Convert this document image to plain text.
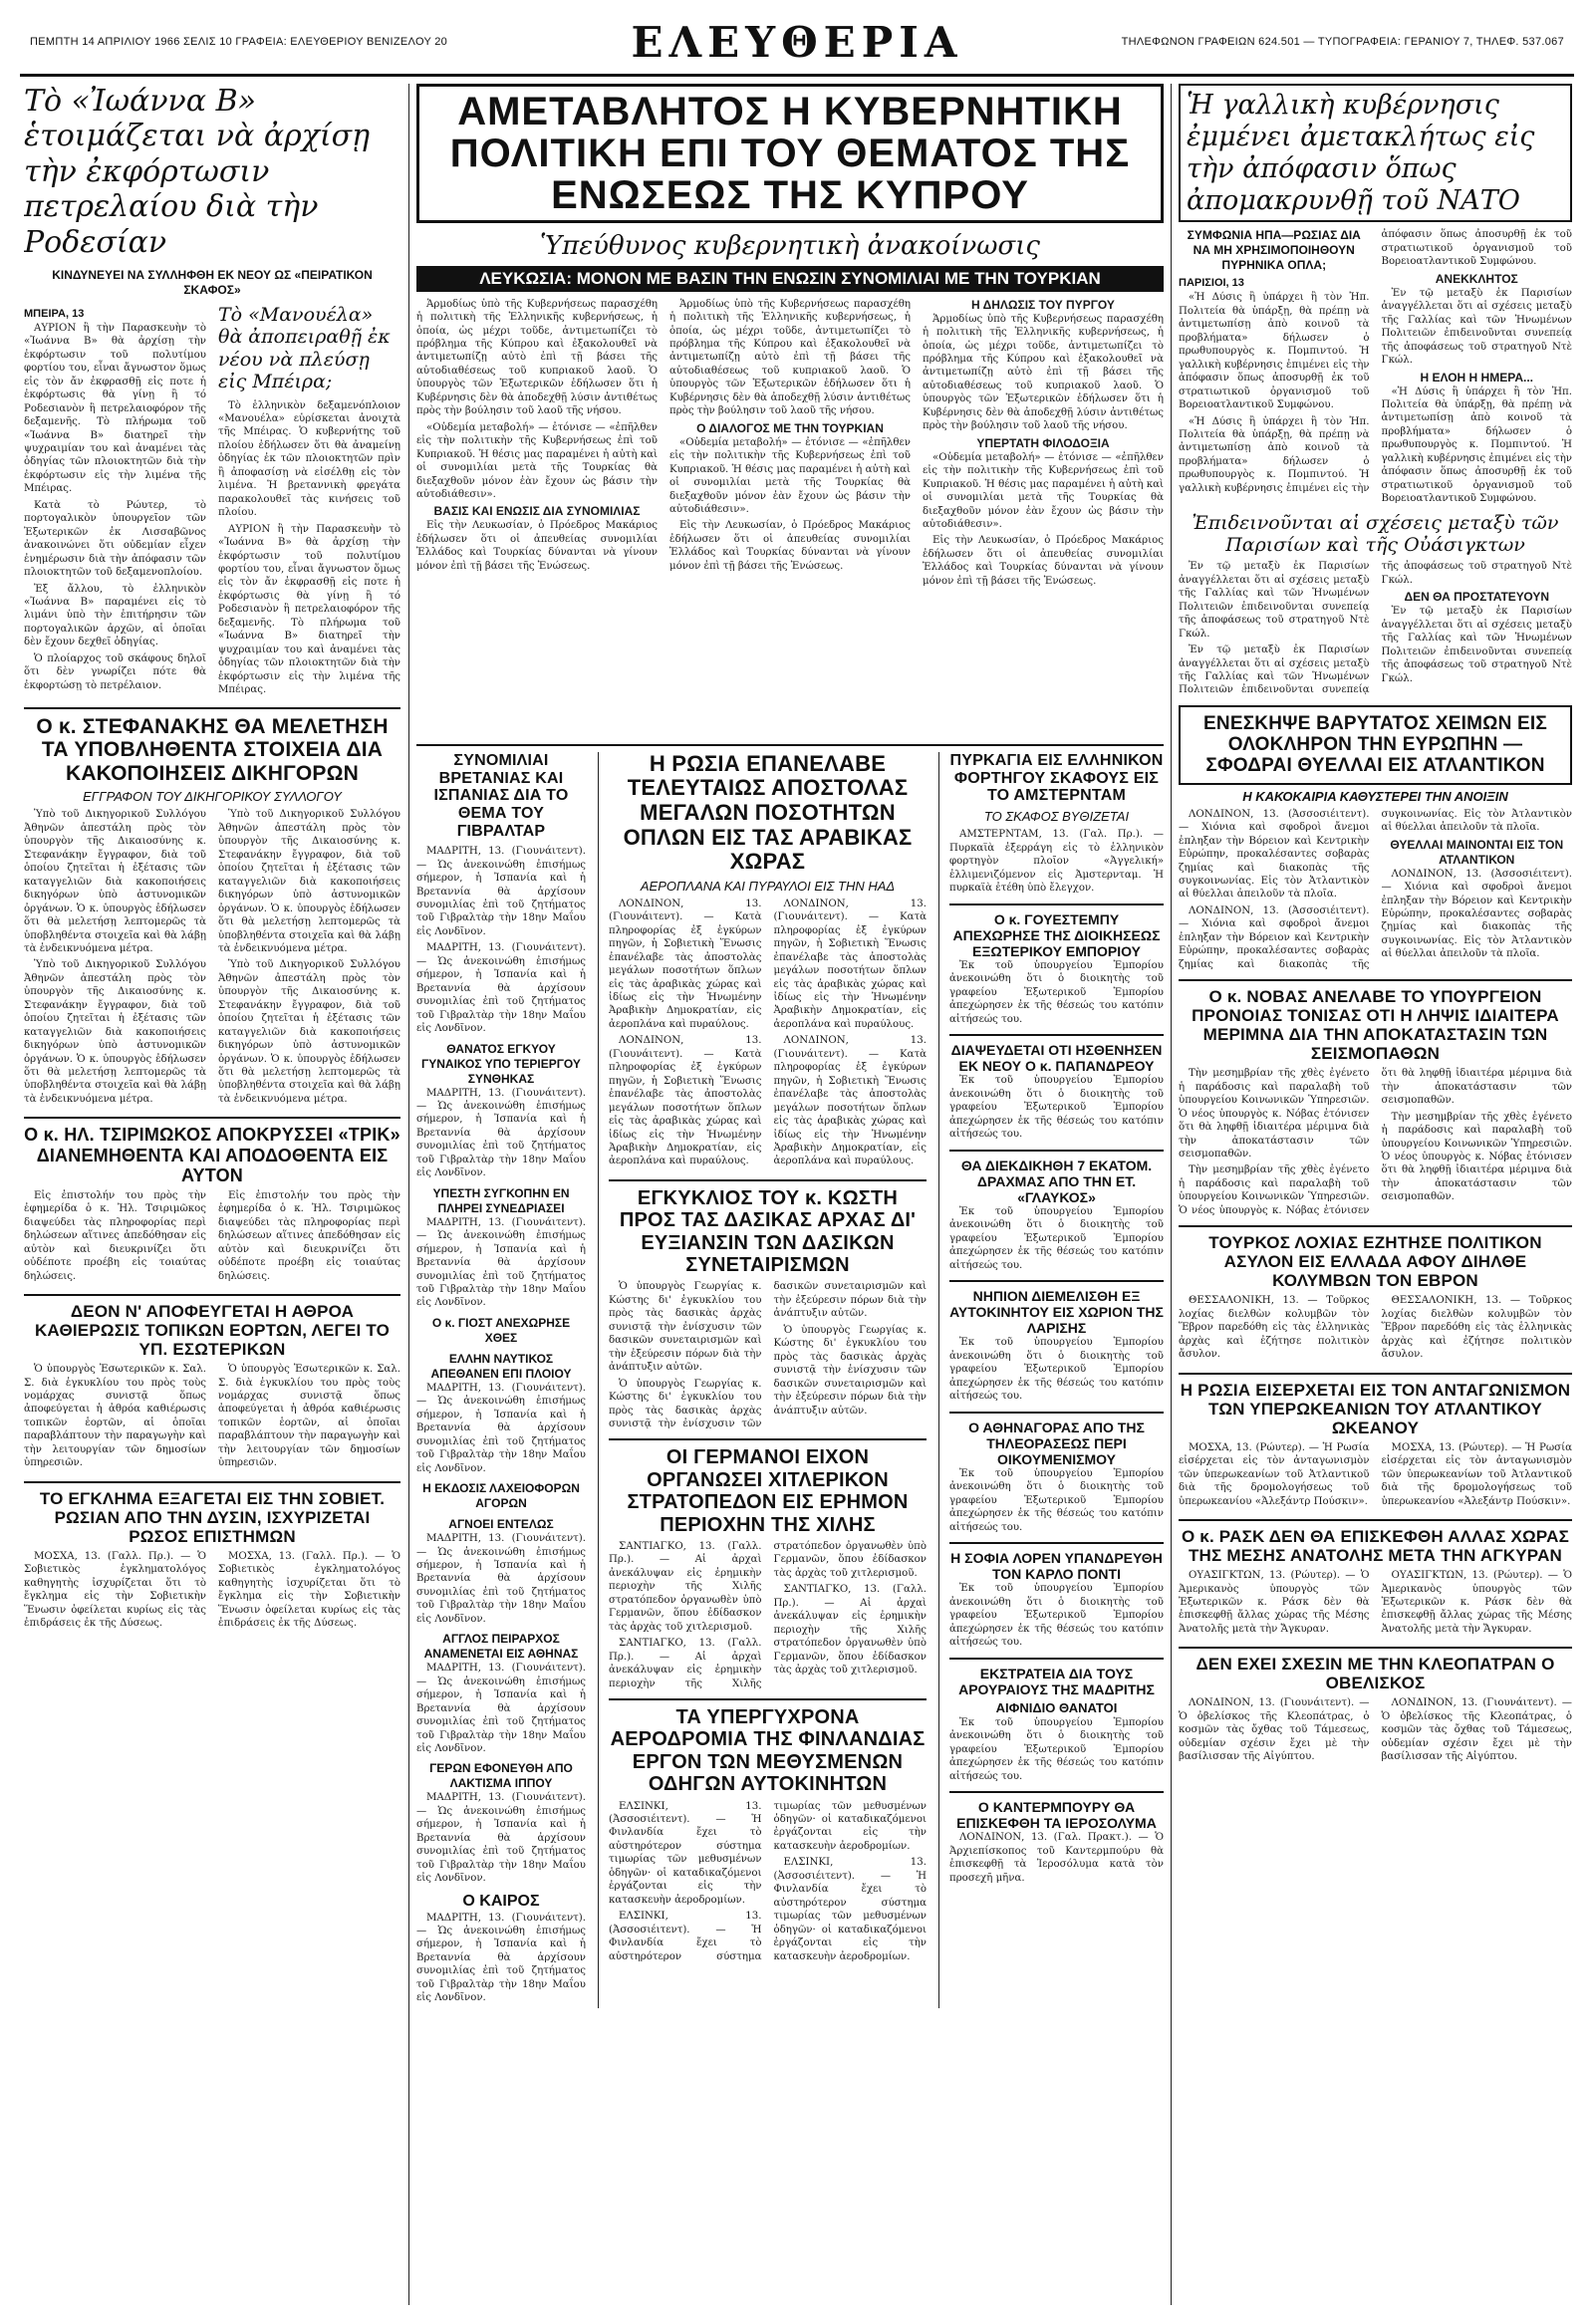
ΠΕΜΠΤΗ 14 ΑΠΡΙΛΙΟΥ 1966 ΣΕΛΙΣ 10 ΓΡΑΦΕΙΑ: ΕΛΕΥΘΕΡΙΟΥ ΒΕΝΙΖΕΛΟΥ 20	ΕΛΕΥΘΕΡΙΑ	ΤΗΛΕΦΩΝΟΝ ΓΡΑΦΕΙΩΝ 624.501 — ΤΥΠΟΓΡΑΦΕΙΑ: ΓΕΡΑΝΙΟΥ 7, ΤΗΛΕΦ. 537.067
Τὸ «Ἰωάννα Β» ἑτοιμάζεται νὰ ἀρχίσῃ τὴν ἐκφόρτωσιν πετρελαίου διὰ τὴν Ροδεσίαν
ΚΙΝΔΥΝΕΥΕΙ ΝΑ ΣΥΛΛΗΦΘΗ ΕΚ ΝΕΟΥ ΩΣ «ΠΕΙΡΑΤΙΚΟΝ ΣΚΑΦΟΣ»
ΜΠΕΙΡΑ, 13

ΑΥΡΙΟΝ ἢ τὴν Παρασκευὴν τὸ «Ἰωάννα Β» θὰ ἀρχίσῃ τὴν ἐκφόρτωσιν τοῦ πολυτίμου φορτίου του, εἶναι ἄγνωστον ὅμως εἰς τὸν ἄν ἐκφρασθῇ εἰς ποτε ἡ ἐκφόρτωσις θὰ γίνῃ ἢ τό Ροδεσιανὸν ἢ πετρελαιοφόρον τῆς δεξαμενῆς. Τὸ πλήρωμα τοῦ «Ἰωάννα Β» διατηρεῖ τὴν ψυχραιμίαν του καὶ ἀναμένει τὰς ὁδηγίας τῶν πλοιοκτητῶν διὰ τὴν ἐκφόρτωσιν εἰς τὴν λιμένα τῆς Μπέιρας.

Κατὰ τὸ Ρώυτερ, τὸ πορτογαλικὸν ὑπουργεῖον τῶν Ἐξωτερικῶν ἐκ Λισσαβῶνος ἀνακοινώνει ὅτι οὐδεμίαν εἶχεν ἐνημέρωσιν διὰ τὴν ἀπόφασιν τῶν πλοιοκτητῶν τοῦ δεξαμενοπλοίου.

Ἐξ ἄλλου, τὸ ἑλληνικὸν «Ἰωάννα Β» παραμένει εἰς τὸ λιμάνι ὑπὸ τὴν ἐπιτήρησιν τῶν πορτογαλικῶν ἀρχῶν, αἱ ὁποῖαι δὲν ἔχουν δεχθεῖ ὁδηγίας.

Ὁ πλοίαρχος τοῦ σκάφους δηλοῖ ὅτι δὲν γνωρίζει πότε θὰ ἐκφορτώσῃ τὸ πετρέλαιον.

Τὸ «Μανουέλα» θὰ ἀποπειραθῇ ἐκ νέου νὰ πλεύσῃ εἰς Μπέιρα;

Τὸ ἑλληνικὸν δεξαμενόπλοιον «Μανουέλα» εὑρίσκεται ἀνοιχτὰ τῆς Μπέιρας. Ὁ κυβερνήτης τοῦ πλοίου ἐδήλωσεν ὅτι θὰ ἀναμείνῃ ὁδηγίας ἐκ τῶν πλοιοκτητῶν πρὶν ἢ ἀποφασίσῃ νὰ εἰσέλθῃ εἰς τὸν λιμένα. Ἡ βρεταννικὴ φρεγάτα παρακολουθεῖ τὰς κινήσεις τοῦ πλοίου.

ΑΥΡΙΟΝ ἢ τὴν Παρασκευὴν τὸ «Ἰωάννα Β» θὰ ἀρχίσῃ τὴν ἐκφόρτωσιν τοῦ πολυτίμου φορτίου του, εἶναι ἄγνωστον ὅμως εἰς τὸν ἄν ἐκφρασθῇ εἰς ποτε ἡ ἐκφόρτωσις θὰ γίνῃ ἢ τό Ροδεσιανὸν ἢ πετρελαιοφόρον τῆς δεξαμενῆς. Τὸ πλήρωμα τοῦ «Ἰωάννα Β» διατηρεῖ τὴν ψυχραιμίαν του καὶ ἀναμένει τὰς ὁδηγίας τῶν πλοιοκτητῶν διὰ τὴν ἐκφόρτωσιν εἰς τὴν λιμένα τῆς Μπέιρας.

Ο κ. ΣΤΕΦΑΝΑΚΗΣ ΘΑ ΜΕΛΕΤΗΣΗ ΤΑ ΥΠΟΒΛΗΘΕΝΤΑ ΣΤΟΙΧΕΙΑ ΔΙΑ ΚΑΚΟΠΟΙΗΣΕΙΣ ΔΙΚΗΓΟΡΩΝ
ΕΓΓΡΑΦΟΝ ΤΟΥ ΔΙΚΗΓΟΡΙΚΟΥ ΣΥΛΛΟΓΟΥ

Ὑπὸ τοῦ Δικηγορικοῦ Συλλόγου Ἀθηνῶν ἀπεστάλη πρὸς τὸν ὑπουργὸν τῆς Δικαιοσύνης κ. Στεφανάκην ἔγγραφον, διὰ τοῦ ὁποίου ζητεῖται ἡ ἐξέτασις τῶν καταγγελιῶν διὰ κακοποιήσεις δικηγόρων ὑπὸ ἀστυνομικῶν ὀργάνων. Ὁ κ. ὑπουργὸς ἐδήλωσεν ὅτι θὰ μελετήσῃ λεπτομερῶς τὰ ὑποβληθέντα στοιχεῖα καὶ θὰ λάβῃ τὰ ἐνδεικνυόμενα μέτρα.

Ὑπὸ τοῦ Δικηγορικοῦ Συλλόγου Ἀθηνῶν ἀπεστάλη πρὸς τὸν ὑπουργὸν τῆς Δικαιοσύνης κ. Στεφανάκην ἔγγραφον, διὰ τοῦ ὁποίου ζητεῖται ἡ ἐξέτασις τῶν καταγγελιῶν διὰ κακοποιήσεις δικηγόρων ὑπὸ ἀστυνομικῶν ὀργάνων. Ὁ κ. ὑπουργὸς ἐδήλωσεν ὅτι θὰ μελετήσῃ λεπτομερῶς τὰ ὑποβληθέντα στοιχεῖα καὶ θὰ λάβῃ τὰ ἐνδεικνυόμενα μέτρα.

Ὑπὸ τοῦ Δικηγορικοῦ Συλλόγου Ἀθηνῶν ἀπεστάλη πρὸς τὸν ὑπουργὸν τῆς Δικαιοσύνης κ. Στεφανάκην ἔγγραφον, διὰ τοῦ ὁποίου ζητεῖται ἡ ἐξέτασις τῶν καταγγελιῶν διὰ κακοποιήσεις δικηγόρων ὑπὸ ἀστυνομικῶν ὀργάνων. Ὁ κ. ὑπουργὸς ἐδήλωσεν ὅτι θὰ μελετήσῃ λεπτομερῶς τὰ ὑποβληθέντα στοιχεῖα καὶ θὰ λάβῃ τὰ ἐνδεικνυόμενα μέτρα.

Ὑπὸ τοῦ Δικηγορικοῦ Συλλόγου Ἀθηνῶν ἀπεστάλη πρὸς τὸν ὑπουργὸν τῆς Δικαιοσύνης κ. Στεφανάκην ἔγγραφον, διὰ τοῦ ὁποίου ζητεῖται ἡ ἐξέτασις τῶν καταγγελιῶν διὰ κακοποιήσεις δικηγόρων ὑπὸ ἀστυνομικῶν ὀργάνων. Ὁ κ. ὑπουργὸς ἐδήλωσεν ὅτι θὰ μελετήσῃ λεπτομερῶς τὰ ὑποβληθέντα στοιχεῖα καὶ θὰ λάβῃ τὰ ἐνδεικνυόμενα μέτρα.

Ο κ. ΗΛ. ΤΣΙΡΙΜΩΚΟΣ ΑΠΟΚΡΥΣΣΕΙ «ΤΡΙΚ» ΔΙΑΝΕΜΗΘΕΝΤΑ ΚΑΙ ΑΠΟΔΟΘΕΝΤΑ ΕΙΣ ΑΥΤΟΝ

Εἰς ἐπιστολήν του πρὸς τὴν ἐφημερίδα ὁ κ. Ἠλ. Τσιριμῶκος διαψεύδει τὰς πληροφορίας περὶ δηλώσεων αἵτινες ἀπεδόθησαν εἰς αὐτὸν καὶ διευκρινίζει ὅτι οὐδέποτε προέβη εἰς τοιαύτας δηλώσεις.

Εἰς ἐπιστολήν του πρὸς τὴν ἐφημερίδα ὁ κ. Ἠλ. Τσιριμῶκος διαψεύδει τὰς πληροφορίας περὶ δηλώσεων αἵτινες ἀπεδόθησαν εἰς αὐτὸν καὶ διευκρινίζει ὅτι οὐδέποτε προέβη εἰς τοιαύτας δηλώσεις.

ΔΕΟΝ Ν' ΑΠΟΦΕΥΓΕΤΑΙ Η ΑΘΡΟΑ ΚΑΘΙΕΡΩΣΙΣ ΤΟΠΙΚΩΝ ΕΟΡΤΩΝ, ΛΕΓΕΙ ΤΟ ΥΠ. ΕΣΩΤΕΡΙΚΩΝ

Ὁ ὑπουργὸς Ἐσωτερικῶν κ. Σαλ. Σ. διὰ ἐγκυκλίου του πρὸς τοὺς νομάρχας συνιστᾷ ὅπως ἀποφεύγεται ἡ ἀθρόα καθιέρωσις τοπικῶν ἑορτῶν, αἱ ὁποῖαι παραβλάπτουν τὴν παραγωγὴν καὶ τὴν λειτουργίαν τῶν δημοσίων ὑπηρεσιῶν.

Ὁ ὑπουργὸς Ἐσωτερικῶν κ. Σαλ. Σ. διὰ ἐγκυκλίου του πρὸς τοὺς νομάρχας συνιστᾷ ὅπως ἀποφεύγεται ἡ ἀθρόα καθιέρωσις τοπικῶν ἑορτῶν, αἱ ὁποῖαι παραβλάπτουν τὴν παραγωγὴν καὶ τὴν λειτουργίαν τῶν δημοσίων ὑπηρεσιῶν.

ΤΟ ΕΓΚΛΗΜΑ ΕΞΑΓΕΤΑΙ ΕΙΣ ΤΗΝ ΣΟΒΙΕΤ. ΡΩΣΙΑΝ ΑΠΟ ΤΗΝ ΔΥΣΙΝ, ΙΣΧΥΡΙΖΕΤΑΙ ΡΩΣΟΣ ΕΠΙΣΤΗΜΩΝ

ΜΟΣΧΑ, 13. (Γαλλ. Πρ.). — Ὁ Σοβιετικὸς ἐγκληματολόγος καθηγητὴς ἰσχυρίζεται ὅτι τὸ ἔγκλημα εἰς τὴν Σοβιετικὴν Ἕνωσιν ὀφείλεται κυρίως εἰς τὰς ἐπιδράσεις ἐκ τῆς Δύσεως.

ΜΟΣΧΑ, 13. (Γαλλ. Πρ.). — Ὁ Σοβιετικὸς ἐγκληματολόγος καθηγητὴς ἰσχυρίζεται ὅτι τὸ ἔγκλημα εἰς τὴν Σοβιετικὴν Ἕνωσιν ὀφείλεται κυρίως εἰς τὰς ἐπιδράσεις ἐκ τῆς Δύσεως.

ΑΜΕΤΑΒΛΗΤΟΣ Η ΚΥΒΕΡΝΗΤΙΚΗ ΠΟΛΙΤΙΚΗ ΕΠΙ ΤΟΥ ΘΕΜΑΤΟΣ ΤΗΣ ΕΝΩΣΕΩΣ ΤΗΣ ΚΥΠΡΟΥ
Ὑπεύθυνος κυβερνητικὴ ἀνακοίνωσις
ΛΕΥΚΩΣΙΑ: ΜΟΝΟΝ ΜΕ ΒΑΣΙΝ ΤΗΝ ΕΝΩΣΙΝ ΣΥΝΟΜΙΛΙΑΙ ΜΕ ΤΗΝ ΤΟΥΡΚΙΑΝ

Ἁρμοδίως ὑπὸ τῆς Κυβερνήσεως παρασχέθη ἡ πολιτικὴ τῆς Ἑλληνικῆς κυβερνήσεως, ἡ ὁποία, ὡς μέχρι τοῦδε, ἀντιμετωπίζει τὸ πρόβλημα τῆς Κύπρου καὶ ἐξακολουθεῖ νὰ ἀντιμετωπίζῃ αὐτὸ ἐπὶ τῇ βάσει τῆς αὐτοδιαθέσεως τοῦ κυπριακοῦ λαοῦ. Ὁ ὑπουργὸς τῶν Ἐξωτερικῶν ἐδήλωσεν ὅτι ἡ Κυβέρνησις δὲν θὰ ἀποδεχθῇ λύσιν ἀντιθέτως πρὸς τὴν βούλησιν τοῦ λαοῦ τῆς νήσου.

«Οὐδεμία μεταβολή» — ἐτόνισε — «ἐπῆλθεν εἰς τὴν πολιτικὴν τῆς Κυβερνήσεως ἐπὶ τοῦ Κυπριακοῦ. Ἡ θέσις μας παραμένει ἡ αὐτὴ καὶ οἱ συνομιλίαι μετὰ τῆς Τουρκίας θὰ διεξαχθοῦν μόνον ἐὰν ἔχουν ὡς βάσιν τὴν αὐτοδιάθεσιν».

ΒΑΣΙΣ ΚΑΙ ΕΝΩΣΙΣ ΔΙΑ ΣΥΝΟΜΙΛΙΑΣ

Εἰς τὴν Λευκωσίαν, ὁ Πρόεδρος Μακάριος ἐδήλωσεν ὅτι οἱ ἀπευθείας συνομιλίαι Ἑλλάδος καὶ Τουρκίας δύνανται νὰ γίνουν μόνον ἐπὶ τῇ βάσει τῆς Ἑνώσεως.

Ἁρμοδίως ὑπὸ τῆς Κυβερνήσεως παρασχέθη ἡ πολιτικὴ τῆς Ἑλληνικῆς κυβερνήσεως, ἡ ὁποία, ὡς μέχρι τοῦδε, ἀντιμετωπίζει τὸ πρόβλημα τῆς Κύπρου καὶ ἐξακολουθεῖ νὰ ἀντιμετωπίζῃ αὐτὸ ἐπὶ τῇ βάσει τῆς αὐτοδιαθέσεως τοῦ κυπριακοῦ λαοῦ. Ὁ ὑπουργὸς τῶν Ἐξωτερικῶν ἐδήλωσεν ὅτι ἡ Κυβέρνησις δὲν θὰ ἀποδεχθῇ λύσιν ἀντιθέτως πρὸς τὴν βούλησιν τοῦ λαοῦ τῆς νήσου.

Ο ΔΙΑΛΟΓΟΣ ΜΕ ΤΗΝ ΤΟΥΡΚΙΑΝ

«Οὐδεμία μεταβολή» — ἐτόνισε — «ἐπῆλθεν εἰς τὴν πολιτικὴν τῆς Κυβερνήσεως ἐπὶ τοῦ Κυπριακοῦ. Ἡ θέσις μας παραμένει ἡ αὐτὴ καὶ οἱ συνομιλίαι μετὰ τῆς Τουρκίας θὰ διεξαχθοῦν μόνον ἐὰν ἔχουν ὡς βάσιν τὴν αὐτοδιάθεσιν».

Εἰς τὴν Λευκωσίαν, ὁ Πρόεδρος Μακάριος ἐδήλωσεν ὅτι οἱ ἀπευθείας συνομιλίαι Ἑλλάδος καὶ Τουρκίας δύνανται νὰ γίνουν μόνον ἐπὶ τῇ βάσει τῆς Ἑνώσεως.

Η ΔΗΛΩΣΙΣ ΤΟΥ ΠΥΡΓΟΥ

Ἁρμοδίως ὑπὸ τῆς Κυβερνήσεως παρασχέθη ἡ πολιτικὴ τῆς Ἑλληνικῆς κυβερνήσεως, ἡ ὁποία, ὡς μέχρι τοῦδε, ἀντιμετωπίζει τὸ πρόβλημα τῆς Κύπρου καὶ ἐξακολουθεῖ νὰ ἀντιμετωπίζῃ αὐτὸ ἐπὶ τῇ βάσει τῆς αὐτοδιαθέσεως τοῦ κυπριακοῦ λαοῦ. Ὁ ὑπουργὸς τῶν Ἐξωτερικῶν ἐδήλωσεν ὅτι ἡ Κυβέρνησις δὲν θὰ ἀποδεχθῇ λύσιν ἀντιθέτως πρὸς τὴν βούλησιν τοῦ λαοῦ τῆς νήσου.

ΥΠΕΡΤΑΤΗ ΦΙΛΟΔΟΞΙΑ

«Οὐδεμία μεταβολή» — ἐτόνισε — «ἐπῆλθεν εἰς τὴν πολιτικὴν τῆς Κυβερνήσεως ἐπὶ τοῦ Κυπριακοῦ. Ἡ θέσις μας παραμένει ἡ αὐτὴ καὶ οἱ συνομιλίαι μετὰ τῆς Τουρκίας θὰ διεξαχθοῦν μόνον ἐὰν ἔχουν ὡς βάσιν τὴν αὐτοδιάθεσιν».

Εἰς τὴν Λευκωσίαν, ὁ Πρόεδρος Μακάριος ἐδήλωσεν ὅτι οἱ ἀπευθείας συνομιλίαι Ἑλλάδος καὶ Τουρκίας δύνανται νὰ γίνουν μόνον ἐπὶ τῇ βάσει τῆς Ἑνώσεως.

ΣΥΝΟΜΙΛΙΑΙ ΒΡΕΤΑΝΙΑΣ ΚΑΙ ΙΣΠΑΝΙΑΣ ΔΙΑ ΤΟ ΘΕΜΑ ΤΟΥ ΓΙΒΡΑΛΤΑΡ

ΜΑΔΡΙΤΗ, 13. (Γιουνάιτεντ). — Ὡς ἀνεκοινώθη ἐπισήμως σήμερον, ἡ Ἰσπανία καὶ ἡ Βρεταννία θὰ ἀρχίσουν συνομιλίας ἐπὶ τοῦ ζητήματος τοῦ Γιβραλτὰρ τὴν 18ην Μαΐου εἰς Λονδῖνον.

ΜΑΔΡΙΤΗ, 13. (Γιουνάιτεντ). — Ὡς ἀνεκοινώθη ἐπισήμως σήμερον, ἡ Ἰσπανία καὶ ἡ Βρεταννία θὰ ἀρχίσουν συνομιλίας ἐπὶ τοῦ ζητήματος τοῦ Γιβραλτὰρ τὴν 18ην Μαΐου εἰς Λονδῖνον.

ΘΑΝΑΤΟΣ ΕΓΚΥΟΥ ΓΥΝΑΙΚΟΣ ΥΠΟ ΤΕΡΙΕΡΓΟΥ ΣΥΝΘΗΚΑΣ

ΜΑΔΡΙΤΗ, 13. (Γιουνάιτεντ). — Ὡς ἀνεκοινώθη ἐπισήμως σήμερον, ἡ Ἰσπανία καὶ ἡ Βρεταννία θὰ ἀρχίσουν συνομιλίας ἐπὶ τοῦ ζητήματος τοῦ Γιβραλτὰρ τὴν 18ην Μαΐου εἰς Λονδῖνον.

ΥΠΕΣΤΗ ΣΥΓΚΟΠΗΝ ΕΝ ΠΛΗΡΕΙ ΣΥΝΕΔΡΙΑΣΕΙ

ΜΑΔΡΙΤΗ, 13. (Γιουνάιτεντ). — Ὡς ἀνεκοινώθη ἐπισήμως σήμερον, ἡ Ἰσπανία καὶ ἡ Βρεταννία θὰ ἀρχίσουν συνομιλίας ἐπὶ τοῦ ζητήματος τοῦ Γιβραλτὰρ τὴν 18ην Μαΐου εἰς Λονδῖνον.

Ο κ. ΓΙΟΣΤ ΑΝΕΧΩΡΗΣΕ ΧΘΕΣ
ΕΛΛΗΝ ΝΑΥΤΙΚΟΣ ΑΠΕΘΑΝΕΝ ΕΠΙ ΠΛΟΙΟΥ

ΜΑΔΡΙΤΗ, 13. (Γιουνάιτεντ). — Ὡς ἀνεκοινώθη ἐπισήμως σήμερον, ἡ Ἰσπανία καὶ ἡ Βρεταννία θὰ ἀρχίσουν συνομιλίας ἐπὶ τοῦ ζητήματος τοῦ Γιβραλτὰρ τὴν 18ην Μαΐου εἰς Λονδῖνον.

Η ΕΚΔΟΣΙΣ ΛΑΧΕΙΟΦΟΡΩΝ ΑΓΟΡΩΝ
ΑΓΝΟΕΙ ΕΝΤΕΛΩΣ

ΜΑΔΡΙΤΗ, 13. (Γιουνάιτεντ). — Ὡς ἀνεκοινώθη ἐπισήμως σήμερον, ἡ Ἰσπανία καὶ ἡ Βρεταννία θὰ ἀρχίσουν συνομιλίας ἐπὶ τοῦ ζητήματος τοῦ Γιβραλτὰρ τὴν 18ην Μαΐου εἰς Λονδῖνον.

ΑΓΓΛΟΣ ΠΕΙΡΑΡΧΟΣ ΑΝΑΜΕΝΕΤΑΙ ΕΙΣ ΑΘΗΝΑΣ

ΜΑΔΡΙΤΗ, 13. (Γιουνάιτεντ). — Ὡς ἀνεκοινώθη ἐπισήμως σήμερον, ἡ Ἰσπανία καὶ ἡ Βρεταννία θὰ ἀρχίσουν συνομιλίας ἐπὶ τοῦ ζητήματος τοῦ Γιβραλτὰρ τὴν 18ην Μαΐου εἰς Λονδῖνον.

ΓΕΡΩΝ ΕΦΟΝΕΥΘΗ ΑΠΟ ΛΑΚΤΙΣΜΑ ΙΠΠΟΥ

ΜΑΔΡΙΤΗ, 13. (Γιουνάιτεντ). — Ὡς ἀνεκοινώθη ἐπισήμως σήμερον, ἡ Ἰσπανία καὶ ἡ Βρεταννία θὰ ἀρχίσουν συνομιλίας ἐπὶ τοῦ ζητήματος τοῦ Γιβραλτὰρ τὴν 18ην Μαΐου εἰς Λονδῖνον.

Ο ΚΑΙΡΟΣ

ΜΑΔΡΙΤΗ, 13. (Γιουνάιτεντ). — Ὡς ἀνεκοινώθη ἐπισήμως σήμερον, ἡ Ἰσπανία καὶ ἡ Βρεταννία θὰ ἀρχίσουν συνομιλίας ἐπὶ τοῦ ζητήματος τοῦ Γιβραλτὰρ τὴν 18ην Μαΐου εἰς Λονδῖνον.

Η ΡΩΣΙΑ ΕΠΑΝΕΛΑΒΕ ΤΕΛΕΥΤΑΙΩΣ ΑΠΟΣΤΟΛΑΣ ΜΕΓΑΛΩΝ ΠΟΣΟΤΗΤΩΝ ΟΠΛΩΝ ΕΙΣ ΤΑΣ ΑΡΑΒΙΚΑΣ ΧΩΡΑΣ
ΑΕΡΟΠΛΑΝΑ ΚΑΙ ΠΥΡΑΥΛΟΙ ΕΙΣ ΤΗΝ ΗΑΔ

ΛΟΝΔΙΝΟΝ, 13. (Γιουνάιτεντ). — Κατὰ πληροφορίας ἐξ ἐγκύρων πηγῶν, ἡ Σοβιετικὴ Ἕνωσις ἐπανέλαβε τὰς ἀποστολὰς μεγάλων ποσοτήτων ὅπλων εἰς τὰς ἀραβικὰς χώρας καὶ ἰδίως εἰς τὴν Ἡνωμένην Ἀραβικὴν Δημοκρατίαν, εἰς ἀεροπλάνα καὶ πυραύλους.

ΛΟΝΔΙΝΟΝ, 13. (Γιουνάιτεντ). — Κατὰ πληροφορίας ἐξ ἐγκύρων πηγῶν, ἡ Σοβιετικὴ Ἕνωσις ἐπανέλαβε τὰς ἀποστολὰς μεγάλων ποσοτήτων ὅπλων εἰς τὰς ἀραβικὰς χώρας καὶ ἰδίως εἰς τὴν Ἡνωμένην Ἀραβικὴν Δημοκρατίαν, εἰς ἀεροπλάνα καὶ πυραύλους.

ΛΟΝΔΙΝΟΝ, 13. (Γιουνάιτεντ). — Κατὰ πληροφορίας ἐξ ἐγκύρων πηγῶν, ἡ Σοβιετικὴ Ἕνωσις ἐπανέλαβε τὰς ἀποστολὰς μεγάλων ποσοτήτων ὅπλων εἰς τὰς ἀραβικὰς χώρας καὶ ἰδίως εἰς τὴν Ἡνωμένην Ἀραβικὴν Δημοκρατίαν, εἰς ἀεροπλάνα καὶ πυραύλους.

ΛΟΝΔΙΝΟΝ, 13. (Γιουνάιτεντ). — Κατὰ πληροφορίας ἐξ ἐγκύρων πηγῶν, ἡ Σοβιετικὴ Ἕνωσις ἐπανέλαβε τὰς ἀποστολὰς μεγάλων ποσοτήτων ὅπλων εἰς τὰς ἀραβικὰς χώρας καὶ ἰδίως εἰς τὴν Ἡνωμένην Ἀραβικὴν Δημοκρατίαν, εἰς ἀεροπλάνα καὶ πυραύλους.

ΕΓΚΥΚΛΙΟΣ ΤΟΥ κ. ΚΩΣΤΗ ΠΡΟΣ ΤΑΣ ΔΑΣΙΚΑΣ ΑΡΧΑΣ ΔΙ' ΕΥΞΙΑΝΣΙΝ ΤΩΝ ΔΑΣΙΚΩΝ ΣΥΝΕΤΑΙΡΙΣΜΩΝ

Ὁ ὑπουργὸς Γεωργίας κ. Κώστης δι' ἐγκυκλίου του πρὸς τὰς δασικὰς ἀρχὰς συνιστᾷ τὴν ἐνίσχυσιν τῶν δασικῶν συνεταιρισμῶν καὶ τὴν ἐξεύρεσιν πόρων διὰ τὴν ἀνάπτυξιν αὐτῶν.

Ὁ ὑπουργὸς Γεωργίας κ. Κώστης δι' ἐγκυκλίου του πρὸς τὰς δασικὰς ἀρχὰς συνιστᾷ τὴν ἐνίσχυσιν τῶν δασικῶν συνεταιρισμῶν καὶ τὴν ἐξεύρεσιν πόρων διὰ τὴν ἀνάπτυξιν αὐτῶν.

Ὁ ὑπουργὸς Γεωργίας κ. Κώστης δι' ἐγκυκλίου του πρὸς τὰς δασικὰς ἀρχὰς συνιστᾷ τὴν ἐνίσχυσιν τῶν δασικῶν συνεταιρισμῶν καὶ τὴν ἐξεύρεσιν πόρων διὰ τὴν ἀνάπτυξιν αὐτῶν.

ΟΙ ΓΕΡΜΑΝΟΙ ΕΙΧΟΝ ΟΡΓΑΝΩΣΕΙ ΧΙΤΛΕΡΙΚΟΝ ΣΤΡΑΤΟΠΕΔΟΝ ΕΙΣ ΕΡΗΜΟΝ ΠΕΡΙΟΧΗΝ ΤΗΣ ΧΙΛΗΣ

ΣΑΝΤΙΑΓΚΟ, 13. (Γαλλ. Πρ.). — Αἱ ἀρχαὶ ἀνεκάλυψαν εἰς ἐρημικὴν περιοχὴν τῆς Χιλῆς στρατόπεδον ὀργανωθὲν ὑπὸ Γερμανῶν, ὅπου ἐδίδασκον τὰς ἀρχὰς τοῦ χιτλερισμοῦ.

ΣΑΝΤΙΑΓΚΟ, 13. (Γαλλ. Πρ.). — Αἱ ἀρχαὶ ἀνεκάλυψαν εἰς ἐρημικὴν περιοχὴν τῆς Χιλῆς στρατόπεδον ὀργανωθὲν ὑπὸ Γερμανῶν, ὅπου ἐδίδασκον τὰς ἀρχὰς τοῦ χιτλερισμοῦ.

ΣΑΝΤΙΑΓΚΟ, 13. (Γαλλ. Πρ.). — Αἱ ἀρχαὶ ἀνεκάλυψαν εἰς ἐρημικὴν περιοχὴν τῆς Χιλῆς στρατόπεδον ὀργανωθὲν ὑπὸ Γερμανῶν, ὅπου ἐδίδασκον τὰς ἀρχὰς τοῦ χιτλερισμοῦ.

ΤΑ ΥΠΕΡΓΥΧΡΟΝΑ ΑΕΡΟΔΡΟΜΙΑ ΤΗΣ ΦΙΝΛΑΝΔΙΑΣ ΕΡΓΟΝ ΤΩΝ ΜΕΘΥΣΜΕΝΩΝ ΟΔΗΓΩΝ ΑΥΤΟΚΙΝΗΤΩΝ

ΕΛΣΙΝΚΙ, 13. (Ἀσσοσιέιτεντ). — Ἡ Φινλανδία ἔχει τὸ αὐστηρότερον σύστημα τιμωρίας τῶν μεθυσμένων ὁδηγῶν· οἱ καταδικαζόμενοι ἐργάζονται εἰς τὴν κατασκευὴν ἀεροδρομίων.

ΕΛΣΙΝΚΙ, 13. (Ἀσσοσιέιτεντ). — Ἡ Φινλανδία ἔχει τὸ αὐστηρότερον σύστημα τιμωρίας τῶν μεθυσμένων ὁδηγῶν· οἱ καταδικαζόμενοι ἐργάζονται εἰς τὴν κατασκευὴν ἀεροδρομίων.

ΕΛΣΙΝΚΙ, 13. (Ἀσσοσιέιτεντ). — Ἡ Φινλανδία ἔχει τὸ αὐστηρότερον σύστημα τιμωρίας τῶν μεθυσμένων ὁδηγῶν· οἱ καταδικαζόμενοι ἐργάζονται εἰς τὴν κατασκευὴν ἀεροδρομίων.

ΠΥΡΚΑΓΙΑ ΕΙΣ ΕΛΛΗΝΙΚΟΝ ΦΟΡΤΗΓΟΥ ΣΚΑΦΟΥΣ ΕΙΣ ΤΟ ΑΜΣΤΕΡΝΤΑΜ
ΤΟ ΣΚΑΦΟΣ ΒΥΘΙΖΕΤΑΙ

ΑΜΣΤΕΡΝΤΑΜ, 13. (Γαλ. Πρ.). — Πυρκαϊὰ ἐξερράγη εἰς τὸ ἑλληνικὸν φορτηγὸν πλοῖον «Ἀγγελική» ἐλλιμενιζόμενον εἰς Ἀμστερνταμ. Ἡ πυρκαϊὰ ἐτέθη ὑπὸ ἔλεγχον.

Ο κ. ΓΟΥΕΣΤΕΜΠΥ ΑΠΕΧΩΡΗΣΕ ΤΗΣ ΔΙΟΙΚΗΣΕΩΣ ΕΞΩΤΕΡΙΚΟΥ ΕΜΠΟΡΙΟΥ

Ἐκ τοῦ ὑπουργείου Ἐμπορίου ἀνεκοινώθη ὅτι ὁ διοικητὴς τοῦ γραφείου Ἐξωτερικοῦ Ἐμπορίου ἀπεχώρησεν ἐκ τῆς θέσεώς του κατόπιν αἰτήσεώς του.

ΔΙΑΨΕΥΔΕΤΑΙ ΟΤΙ ΗΣΘΕΝΗΣΕΝ ΕΚ ΝΕΟΥ Ο κ. ΠΑΠΑΝΔΡΕΟΥ

Ἐκ τοῦ ὑπουργείου Ἐμπορίου ἀνεκοινώθη ὅτι ὁ διοικητὴς τοῦ γραφείου Ἐξωτερικοῦ Ἐμπορίου ἀπεχώρησεν ἐκ τῆς θέσεώς του κατόπιν αἰτήσεώς του.

ΘΑ ΔΙΕΚΔΙΚΗΘΗ 7 ΕΚΑΤΟΜ. ΔΡΑΧΜΑΣ ΑΠΟ ΤΗΝ ΕΤ. «ΓΛΑΥΚΟΣ»

Ἐκ τοῦ ὑπουργείου Ἐμπορίου ἀνεκοινώθη ὅτι ὁ διοικητὴς τοῦ γραφείου Ἐξωτερικοῦ Ἐμπορίου ἀπεχώρησεν ἐκ τῆς θέσεώς του κατόπιν αἰτήσεώς του.

ΝΗΠΙΟΝ ΔΙΕΜΕΛΙΣΘΗ ΕΞ ΑΥΤΟΚΙΝΗΤΟΥ ΕΙΣ ΧΩΡΙΟΝ ΤΗΣ ΛΑΡΙΣΗΣ

Ἐκ τοῦ ὑπουργείου Ἐμπορίου ἀνεκοινώθη ὅτι ὁ διοικητὴς τοῦ γραφείου Ἐξωτερικοῦ Ἐμπορίου ἀπεχώρησεν ἐκ τῆς θέσεώς του κατόπιν αἰτήσεώς του.

Ο ΑΘΗΝΑΓΟΡΑΣ ΑΠΟ ΤΗΣ ΤΗΛΕΟΡΑΣΕΩΣ ΠΕΡΙ ΟΙΚΟΥΜΕΝΙΣΜΟΥ

Ἐκ τοῦ ὑπουργείου Ἐμπορίου ἀνεκοινώθη ὅτι ὁ διοικητὴς τοῦ γραφείου Ἐξωτερικοῦ Ἐμπορίου ἀπεχώρησεν ἐκ τῆς θέσεώς του κατόπιν αἰτήσεώς του.

Η ΣΟΦΙΑ ΛΟΡΕΝ ΥΠΑΝΔΡΕΥΘΗ ΤΟΝ ΚΑΡΛΟ ΠΟΝΤΙ

Ἐκ τοῦ ὑπουργείου Ἐμπορίου ἀνεκοινώθη ὅτι ὁ διοικητὴς τοῦ γραφείου Ἐξωτερικοῦ Ἐμπορίου ἀπεχώρησεν ἐκ τῆς θέσεώς του κατόπιν αἰτήσεώς του.

ΕΚΣΤΡΑΤΕΙΑ ΔΙΑ ΤΟΥΣ ΑΡΟΥΡΑΙΟΥΣ ΤΗΣ ΜΑΔΡΙΤΗΣ
ΑΙΦΝΙΔΙΟ ΘΑΝΑΤΟΙ

Ἐκ τοῦ ὑπουργείου Ἐμπορίου ἀνεκοινώθη ὅτι ὁ διοικητὴς τοῦ γραφείου Ἐξωτερικοῦ Ἐμπορίου ἀπεχώρησεν ἐκ τῆς θέσεώς του κατόπιν αἰτήσεώς του.

Ο ΚΑΝΤΕΡΜΠΟΥΡΥ ΘΑ ΕΠΙΣΚΕΦΘΗ ΤΑ ΙΕΡΟΣΟΛΥΜΑ

ΛΟΝΔΙΝΟΝ, 13. (Γαλ. Πρακτ.). — Ὁ Ἀρχιεπίσκοπος τοῦ Καντερμπούρυ θὰ ἐπισκεφθῇ τὰ Ἱεροσόλυμα κατὰ τὸν προσεχῆ μῆνα.

Ἡ γαλλικὴ κυβέρνησις ἐμμένει ἀμετακλήτως εἰς τὴν ἀπόφασιν ὅπως ἀπομακρυνθῇ τοῦ ΝΑΤΟ
ΣΥΜΦΩΝΙΑ ΗΠΑ—ΡΩΣΙΑΣ ΔΙΑ ΝΑ ΜΗ ΧΡΗΣΙΜΟΠΟΙΗΘΟΥΝ ΠΥΡΗΝΙΚΑ ΟΠΛΑ;
ΠΑΡΙΣΙΟΙ, 13

«Ἡ Δύσις ἢ ὑπάρχει ἢ τὸν Ἠπ. Πολιτεία θὰ ὑπάρξῃ, θὰ πρέπῃ νὰ ἀντιμετωπίσῃ ἀπὸ κοινοῦ τὰ προβλήματα» δήλωσεν ὁ πρωθυπουργὸς κ. Πομπιντού. Ἡ γαλλικὴ κυβέρνησις ἐπιμένει εἰς τὴν ἀπόφασιν ὅπως ἀποσυρθῇ ἐκ τοῦ στρατιωτικοῦ ὀργανισμοῦ τοῦ Βορειοατλαντικοῦ Συμφώνου.

«Ἡ Δύσις ἢ ὑπάρχει ἢ τὸν Ἠπ. Πολιτεία θὰ ὑπάρξῃ, θὰ πρέπῃ νὰ ἀντιμετωπίσῃ ἀπὸ κοινοῦ τὰ προβλήματα» δήλωσεν ὁ πρωθυπουργὸς κ. Πομπιντού. Ἡ γαλλικὴ κυβέρνησις ἐπιμένει εἰς τὴν ἀπόφασιν ὅπως ἀποσυρθῇ ἐκ τοῦ στρατιωτικοῦ ὀργανισμοῦ τοῦ Βορειοατλαντικοῦ Συμφώνου.

ΑΝΕΚΚΛΗΤΟΣ

Ἐν τῷ μεταξὺ ἐκ Παρισίων ἀναγγέλλεται ὅτι αἱ σχέσεις μεταξὺ τῆς Γαλλίας καὶ τῶν Ἡνωμένων Πολιτειῶν ἐπιδεινοῦνται συνεπείᾳ τῆς ἀποφάσεως τοῦ στρατηγοῦ Ντὲ Γκώλ.

Η ΕΛΟΗ Η ΗΜΕΡΑ...

«Ἡ Δύσις ἢ ὑπάρχει ἢ τὸν Ἠπ. Πολιτεία θὰ ὑπάρξῃ, θὰ πρέπῃ νὰ ἀντιμετωπίσῃ ἀπὸ κοινοῦ τὰ προβλήματα» δήλωσεν ὁ πρωθυπουργὸς κ. Πομπιντού. Ἡ γαλλικὴ κυβέρνησις ἐπιμένει εἰς τὴν ἀπόφασιν ὅπως ἀποσυρθῇ ἐκ τοῦ στρατιωτικοῦ ὀργανισμοῦ τοῦ Βορειοατλαντικοῦ Συμφώνου.

Ἐπιδεινοῦνται αἱ σχέσεις μεταξὺ τῶν Παρισίων καὶ τῆς Οὐάσιγκτων

Ἐν τῷ μεταξὺ ἐκ Παρισίων ἀναγγέλλεται ὅτι αἱ σχέσεις μεταξὺ τῆς Γαλλίας καὶ τῶν Ἡνωμένων Πολιτειῶν ἐπιδεινοῦνται συνεπείᾳ τῆς ἀποφάσεως τοῦ στρατηγοῦ Ντὲ Γκώλ.

Ἐν τῷ μεταξὺ ἐκ Παρισίων ἀναγγέλλεται ὅτι αἱ σχέσεις μεταξὺ τῆς Γαλλίας καὶ τῶν Ἡνωμένων Πολιτειῶν ἐπιδεινοῦνται συνεπείᾳ τῆς ἀποφάσεως τοῦ στρατηγοῦ Ντὲ Γκώλ.

ΔΕΝ ΘΑ ΠΡΟΣΤΑΤΕΥΟΥΝ

Ἐν τῷ μεταξὺ ἐκ Παρισίων ἀναγγέλλεται ὅτι αἱ σχέσεις μεταξὺ τῆς Γαλλίας καὶ τῶν Ἡνωμένων Πολιτειῶν ἐπιδεινοῦνται συνεπείᾳ τῆς ἀποφάσεως τοῦ στρατηγοῦ Ντὲ Γκώλ.

ΕΝΕΣΚΗΨΕ ΒΑΡΥΤΑΤΟΣ ΧΕΙΜΩΝ ΕΙΣ ΟΛΟΚΛΗΡΟΝ ΤΗΝ ΕΥΡΩΠΗΝ — ΣΦΟΔΡΑΙ ΘΥΕΛΛΑΙ ΕΙΣ ΑΤΛΑΝΤΙΚΟΝ
Η ΚΑΚΟΚΑΙΡΙΑ ΚΑΘΥΣΤΕΡΕΙ ΤΗΝ ΑΝΟΙΞΙΝ

ΛΟΝΔΙΝΟΝ, 13. (Ἀσσοσιέιτεντ). — Χιόνια καὶ σφοδροὶ ἄνεμοι ἐπληξαν τὴν Βόρειον καὶ Κεντρικὴν Εὐρώπην, προκαλέσαντες σοβαρὰς ζημίας καὶ διακοπὰς τῆς συγκοινωνίας. Εἰς τὸν Ἀτλαντικὸν αἱ θύελλαι ἀπειλοῦν τὰ πλοῖα.

ΛΟΝΔΙΝΟΝ, 13. (Ἀσσοσιέιτεντ). — Χιόνια καὶ σφοδροὶ ἄνεμοι ἐπληξαν τὴν Βόρειον καὶ Κεντρικὴν Εὐρώπην, προκαλέσαντες σοβαρὰς ζημίας καὶ διακοπὰς τῆς συγκοινωνίας. Εἰς τὸν Ἀτλαντικὸν αἱ θύελλαι ἀπειλοῦν τὰ πλοῖα.

ΘΥΕΛΛΑΙ ΜΑΙΝΟΝΤΑΙ ΕΙΣ ΤΟΝ ΑΤΛΑΝΤΙΚΟΝ

ΛΟΝΔΙΝΟΝ, 13. (Ἀσσοσιέιτεντ). — Χιόνια καὶ σφοδροὶ ἄνεμοι ἐπληξαν τὴν Βόρειον καὶ Κεντρικὴν Εὐρώπην, προκαλέσαντες σοβαρὰς ζημίας καὶ διακοπὰς τῆς συγκοινωνίας. Εἰς τὸν Ἀτλαντικὸν αἱ θύελλαι ἀπειλοῦν τὰ πλοῖα.

Ο κ. ΝΟΒΑΣ ΑΝΕΛΑΒΕ ΤΟ ΥΠΟΥΡΓΕΙΟΝ ΠΡΟΝΟΙΑΣ ΤΟΝΙΣΑΣ ΟΤΙ Η ΛΗΨΙΣ ΙΔΙΑΙΤΕΡΑ ΜΕΡΙΜΝΑ ΔΙΑ ΤΗΝ ΑΠΟΚΑΤΑΣΤΑΣΙΝ ΤΩΝ ΣΕΙΣΜΟΠΑΘΩΝ

Τὴν μεσημβρίαν τῆς χθὲς ἐγένετο ἡ παράδοσις καὶ παραλαβὴ τοῦ ὑπουργείου Κοινωνικῶν Ὑπηρεσιῶν. Ὁ νέος ὑπουργὸς κ. Νόβας ἐτόνισεν ὅτι θὰ ληφθῇ ἰδιαιτέρα μέριμνα διὰ τὴν ἀποκατάστασιν τῶν σεισμοπαθῶν.

Τὴν μεσημβρίαν τῆς χθὲς ἐγένετο ἡ παράδοσις καὶ παραλαβὴ τοῦ ὑπουργείου Κοινωνικῶν Ὑπηρεσιῶν. Ὁ νέος ὑπουργὸς κ. Νόβας ἐτόνισεν ὅτι θὰ ληφθῇ ἰδιαιτέρα μέριμνα διὰ τὴν ἀποκατάστασιν τῶν σεισμοπαθῶν.

Τὴν μεσημβρίαν τῆς χθὲς ἐγένετο ἡ παράδοσις καὶ παραλαβὴ τοῦ ὑπουργείου Κοινωνικῶν Ὑπηρεσιῶν. Ὁ νέος ὑπουργὸς κ. Νόβας ἐτόνισεν ὅτι θὰ ληφθῇ ἰδιαιτέρα μέριμνα διὰ τὴν ἀποκατάστασιν τῶν σεισμοπαθῶν.

ΤΟΥΡΚΟΣ ΛΟΧΙΑΣ ΕΖΗΤΗΣΕ ΠΟΛΙΤΙΚΟΝ ΑΣΥΛΟΝ ΕΙΣ ΕΛΛΑΔΑ ΑΦΟΥ ΔΙΗΛΘΕ ΚΟΛΥΜΒΩΝ ΤΟΝ ΕΒΡΟΝ

ΘΕΣΣΑΛΟΝΙΚΗ, 13. — Τοῦρκος λοχίας διελθὼν κολυμβῶν τὸν Ἕβρον παρεδόθη εἰς τὰς ἑλληνικὰς ἀρχὰς καὶ ἐζήτησε πολιτικὸν ἄσυλον.

ΘΕΣΣΑΛΟΝΙΚΗ, 13. — Τοῦρκος λοχίας διελθὼν κολυμβῶν τὸν Ἕβρον παρεδόθη εἰς τὰς ἑλληνικὰς ἀρχὰς καὶ ἐζήτησε πολιτικὸν ἄσυλον.

Η ΡΩΣΙΑ ΕΙΣΕΡΧΕΤΑΙ ΕΙΣ ΤΟΝ ΑΝΤΑΓΩΝΙΣΜΟΝ ΤΩΝ ΥΠΕΡΩΚΕΑΝΙΩΝ ΤΟΥ ΑΤΛΑΝΤΙΚΟΥ ΩΚΕΑΝΟΥ

ΜΟΣΧΑ, 13. (Ρώυτερ). — Ἡ Ρωσία εἰσέρχεται εἰς τὸν ἀνταγωνισμὸν τῶν ὑπερωκεανίων τοῦ Ἀτλαντικοῦ διὰ τῆς δρομολογήσεως τοῦ ὑπερωκεανίου «Ἀλεξάντρ Πούσκιν».

ΜΟΣΧΑ, 13. (Ρώυτερ). — Ἡ Ρωσία εἰσέρχεται εἰς τὸν ἀνταγωνισμὸν τῶν ὑπερωκεανίων τοῦ Ἀτλαντικοῦ διὰ τῆς δρομολογήσεως τοῦ ὑπερωκεανίου «Ἀλεξάντρ Πούσκιν».

Ο κ. ΡΑΣΚ ΔΕΝ ΘΑ ΕΠΙΣΚΕΦΘΗ ΑΛΛΑΣ ΧΩΡΑΣ ΤΗΣ ΜΕΣΗΣ ΑΝΑΤΟΛΗΣ ΜΕΤΑ ΤΗΝ ΑΓΚΥΡΑΝ

ΟΥΑΣΙΓΚΤΩΝ, 13. (Ρώυτερ). — Ὁ Ἀμερικανὸς ὑπουργὸς τῶν Ἐξωτερικῶν κ. Ράσκ δὲν θὰ ἐπισκεφθῇ ἄλλας χώρας τῆς Μέσης Ἀνατολῆς μετὰ τὴν Ἄγκυραν.

ΟΥΑΣΙΓΚΤΩΝ, 13. (Ρώυτερ). — Ὁ Ἀμερικανὸς ὑπουργὸς τῶν Ἐξωτερικῶν κ. Ράσκ δὲν θὰ ἐπισκεφθῇ ἄλλας χώρας τῆς Μέσης Ἀνατολῆς μετὰ τὴν Ἄγκυραν.

ΔΕΝ ΕΧΕΙ ΣΧΕΣΙΝ ΜΕ ΤΗΝ ΚΛΕΟΠΑΤΡΑΝ Ο ΟΒΕΛΙΣΚΟΣ

ΛΟΝΔΙΝΟΝ, 13. (Γιουνάιτεντ). — Ὁ ὀβελίσκος τῆς Κλεοπάτρας, ὁ κοσμῶν τὰς ὄχθας τοῦ Τάμεσεως, οὐδεμίαν σχέσιν ἔχει μὲ τὴν βασίλισσαν τῆς Αἰγύπτου.

ΛΟΝΔΙΝΟΝ, 13. (Γιουνάιτεντ). — Ὁ ὀβελίσκος τῆς Κλεοπάτρας, ὁ κοσμῶν τὰς ὄχθας τοῦ Τάμεσεως, οὐδεμίαν σχέσιν ἔχει μὲ τὴν βασίλισσαν τῆς Αἰγύπτου.
